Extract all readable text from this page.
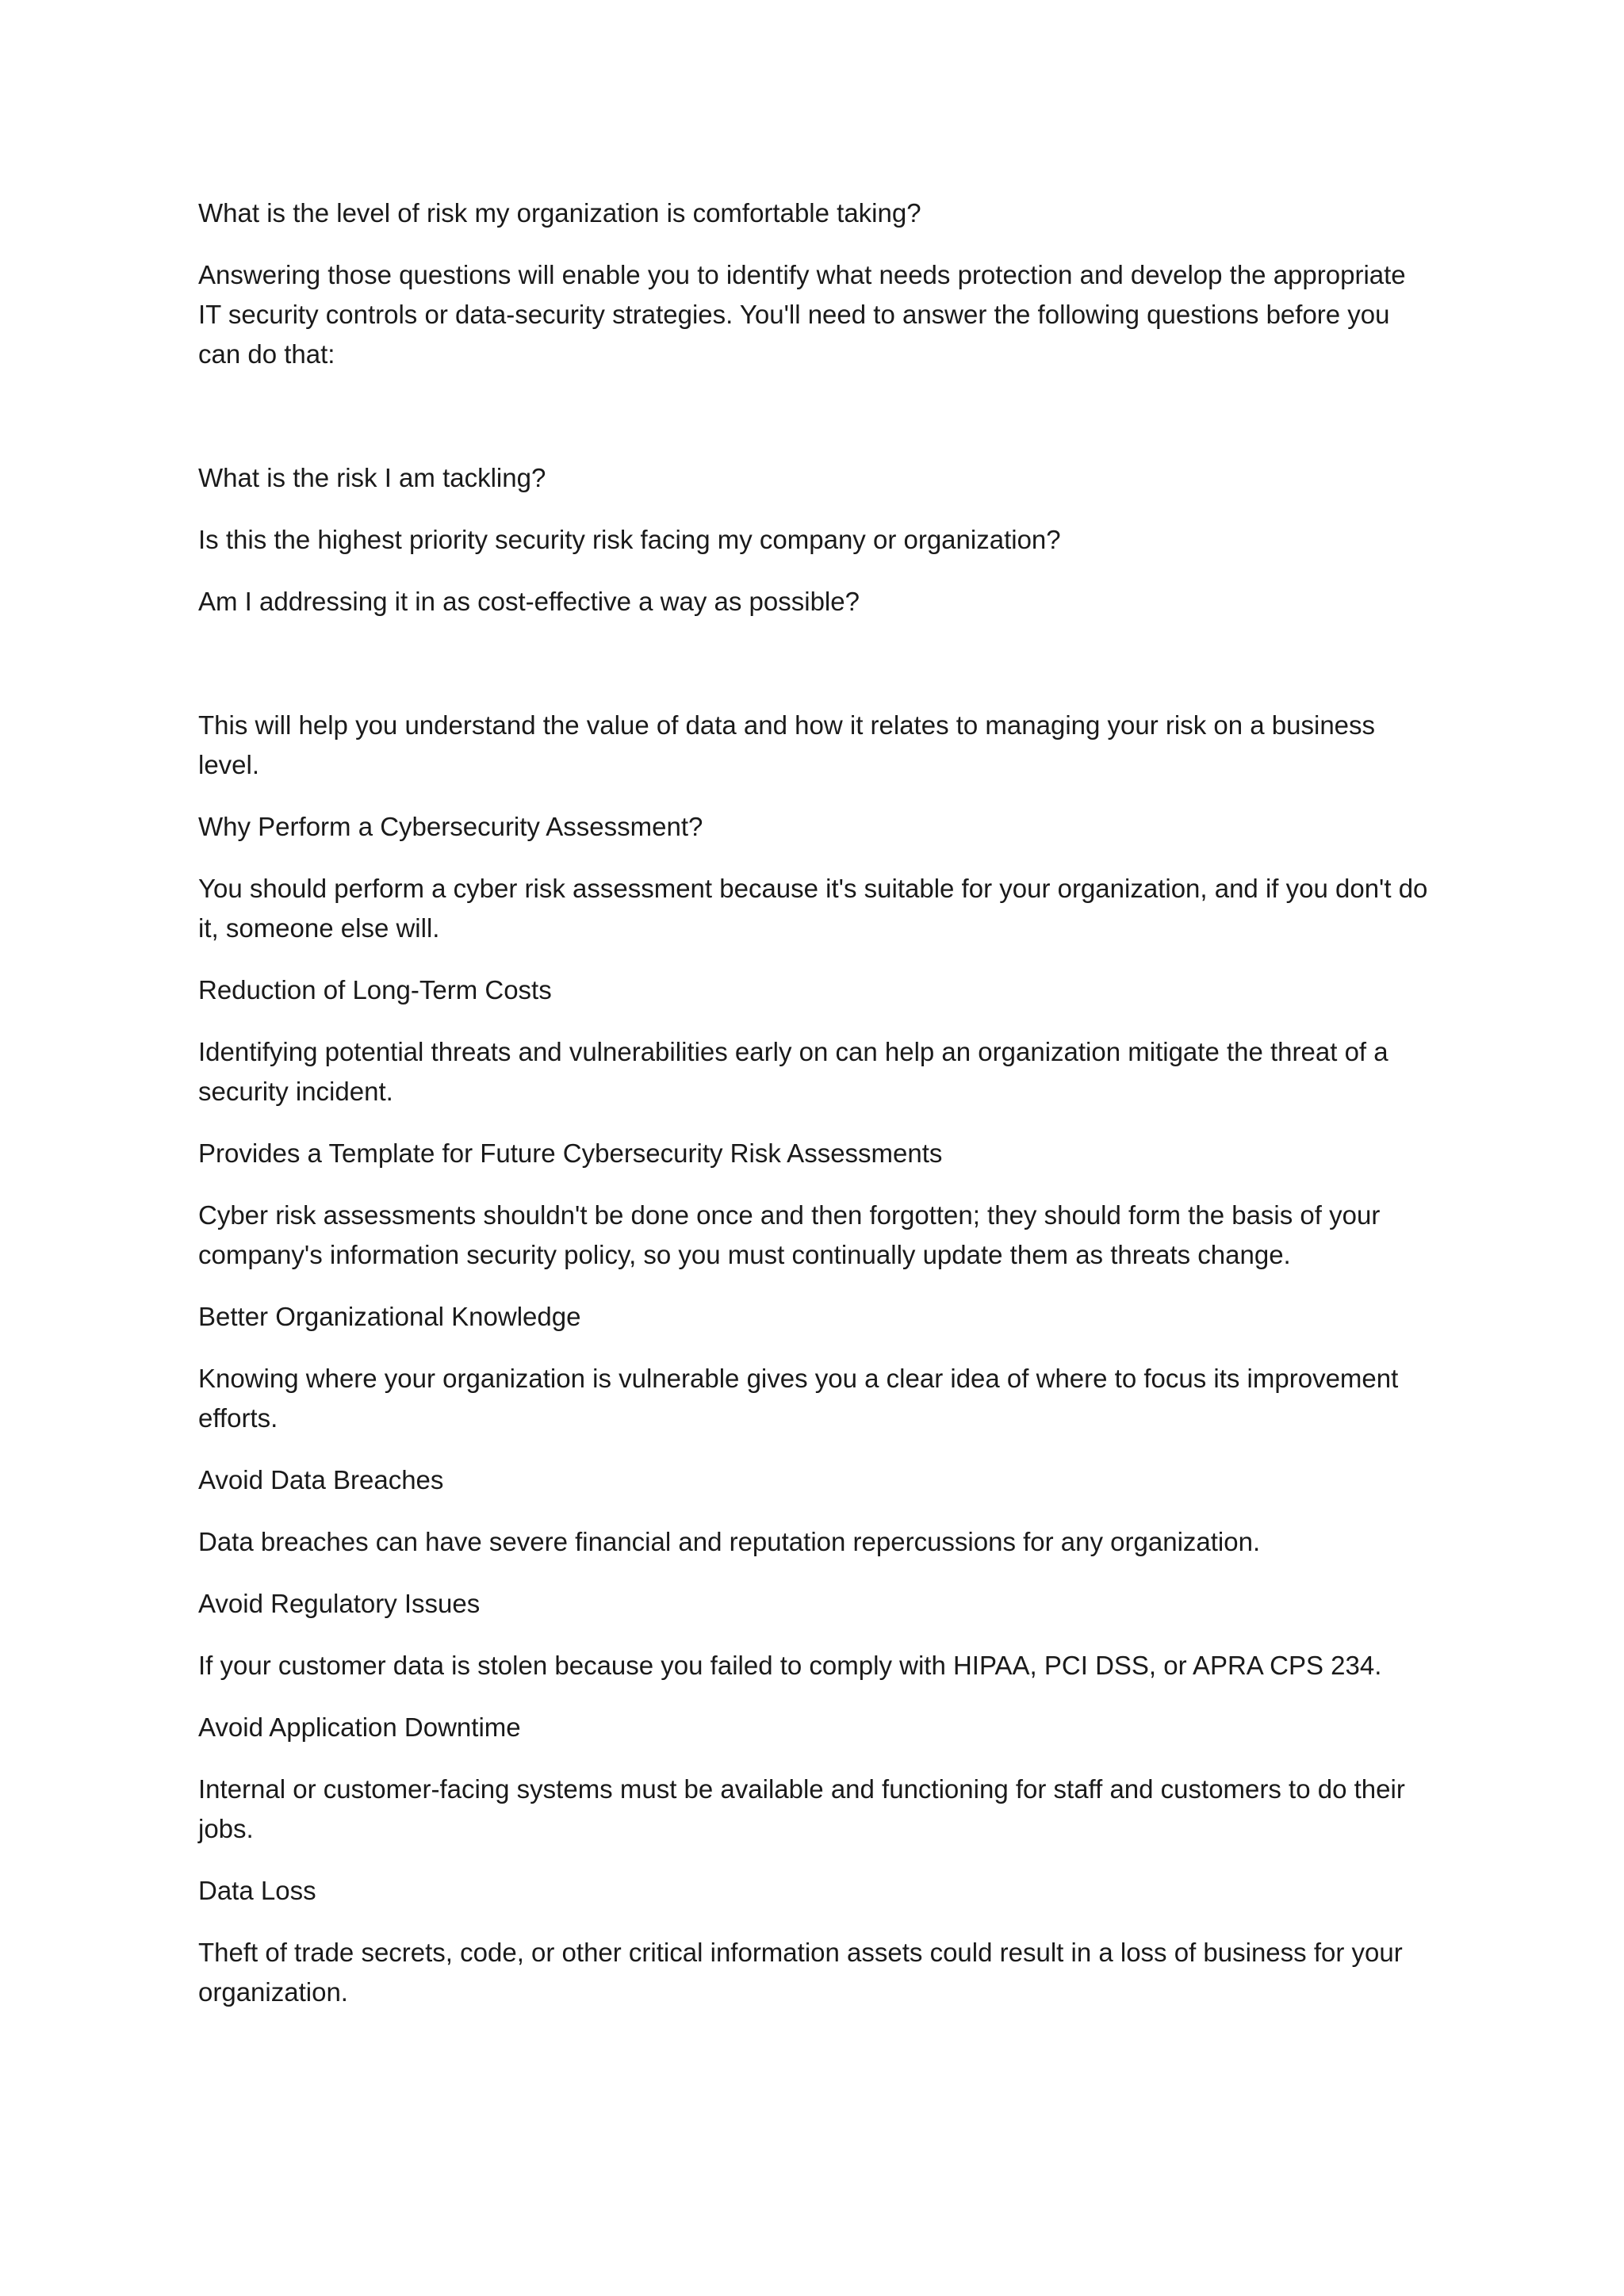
What is the level of risk my organization is comfortable taking?

Answering those questions will enable you to identify what needs protection and develop the appropriate IT security controls or data-security strategies. You'll need to answer the following questions before you can do that:

What is the risk I am tackling?

Is this the highest priority security risk facing my company or organization?

Am I addressing it in as cost-effective a way as possible?

This will help you understand the value of data and how it relates to managing your risk on a business level.

Why Perform a Cybersecurity Assessment?

You should perform a cyber risk assessment because it's suitable for your organization, and if you don't do it, someone else will.

Reduction of Long-Term Costs

Identifying potential threats and vulnerabilities early on can help an organization mitigate the threat of a security incident.

Provides a Template for Future Cybersecurity Risk Assessments

Cyber risk assessments shouldn't be done once and then forgotten; they should form the basis of your company's information security policy, so you must continually update them as threats change.

Better Organizational Knowledge

Knowing where your organization is vulnerable gives you a clear idea of where to focus its improvement efforts.

Avoid Data Breaches

Data breaches can have severe financial and reputation repercussions for any organization.

Avoid Regulatory Issues

If your customer data is stolen because you failed to comply with HIPAA, PCI DSS, or APRA CPS 234.

Avoid Application Downtime

Internal or customer-facing systems must be available and functioning for staff and customers to do their jobs.

Data Loss

Theft of trade secrets, code, or other critical information assets could result in a loss of business for your organization.
